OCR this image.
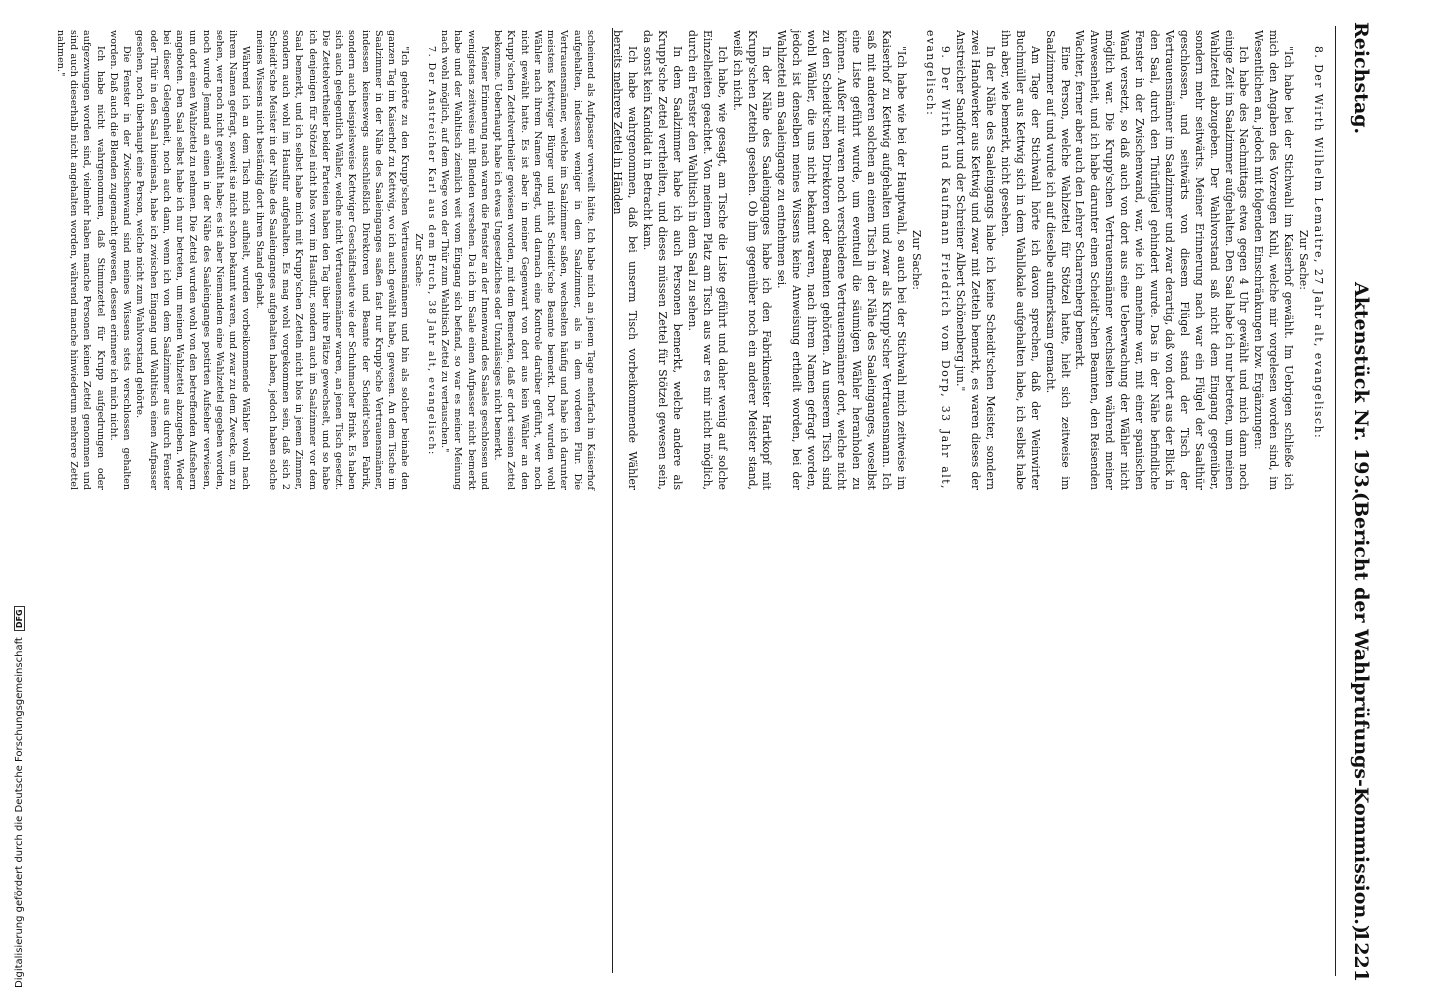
Reichstag.
Aktenstück Nr. 193.
(Bericht der Wahlprüfungs-Kommission.)
1221

8. Der Wirth Wilhelm Lemaitre, 27 Jahr alt, evangelisch:

Zur Sache:

"Ich habe bei der Stichwahl im Kaiserhof gewählt. Im Uebrigen schließe ich mich den Angaben des Vorzeugen Kuhl, welche mir vorgelesen worden sind, im Wesentlichen an, jedoch mit folgenden Einschränkungen bzw. Ergänzungen:

Ich habe des Nachmittags etwa gegen 4 Uhr gewählt und mich dann noch einige Zeit im Saalzimmer aufgehalten. Den Saal habe ich nur betreten, um meinen Wahlzettel abzugeben. Der Wahlvorstand saß nicht dem Eingang gegenüber, sondern mehr seitwärts. Meiner Erinnerung nach war ein Flügel der Saalthür geschlossen, und seitwärts von diesem Flügel stand der Tisch der Vertrauensmänner im Saalzimmer und zwar derartig, daß von dort aus der Blick in den Saal, durch den Thürflügel gehindert wurde. Das in der Nähe befindliche Fenster in der Zwischenwand, war, wie ich annehme war, mit einer spanischen Wand versetzt, so daß auch von dort aus eine Ueberwachung der Wähler nicht möglich war. Die Krupp'schen Vertrauensmänner wechselten während meiner Anwesenheit, und ich habe darunter einen Scheidt'schen Beamten, den Reisenden Wachter, ferner aber auch den Lehrer Scharrenberg bemerkt.

Eine Person, welche Wahlzettel für Stötzel hatte, hielt sich zeitweise im Saalzimmer auf und wurde ich auf dieselbe aufmerksam gemacht.

Am Tage der Stichwahl hörte ich davon sprechen, daß der Weinwirter Buchmüller aus Kettwig sich in dem Wahllokale aufgehalten habe, ich selbst habe ihn aber, wie bemerkt, nicht gesehen.

In der Nähe des Saaleingangs habe ich keine Scheidt'schen Meister, sondern zwei Handwerker aus Kettwig und zwar mit Zetteln bemerkt, es waren dieses der Anstreicher Sandfort und der Schreiner Albert Schönenberg jun."

9. Der Wirth und Kaufmann Friedrich vom Dorp, 33 Jahr alt, evangelisch:

Zur Sache:

"Ich habe wie bei der Hauptwahl, so auch bei der Stichwahl mich zeitweise im Kaiserhof zu Kettwig aufgehalten und zwar als Krupp'scher Vertrauensmann. Ich saß mit anderen solchen an einem Tisch in der Nähe des Saaleinganges, woselbst eine Liste geführt wurde, um eventuell die säumigen Wähler heranholen zu können. Außer mir waren noch verschiedene Vertrauensmänner dort, welche nicht zu den Scheidt'schen Direktoren oder Beamten gehörten. An unserem Tisch sind wohl Wähler, die uns nicht bekannt waren, nach ihrem Namen gefragt worden, jedoch ist denselben meines Wissens keine Anweisung ertheilt worden, bei der Wahlzettel am Saaleingange zu entnehmen sei.

In der Nähe des Saaleinganges habe ich den Fabrikmeister Hartkopf mit Krupp'schen Zetteln gesehen. Ob ihm gegenüber noch ein anderer Meister stand, weiß ich nicht.

Ich habe, wie gesagt, am Tische die Liste geführt und daher wenig auf solche Einzelheiten geachtet. Von meinem Platz am Tisch aus war es mir nicht möglich, durch ein Fenster den Wahltisch in dem Saal zu sehen.

In dem Saalzimmer habe ich auch Personen bemerkt, welche andere als Krupp'sche Zettel vertheilten, und dieses müssen Zettel für Stötzel gewesen sein, da sonst kein Kandidat in Betracht kam.

Ich habe wahrgenommen, daß bei unserm Tisch vorbeikommende Wähler bereits mehrere Zettel in Händen

scheinend als Aufpasser verweilt hätte. Ich habe mich an jenem Tage mehrfach im Kaiserhof aufgehalten, indessen weniger in dem Saalzimmer, als in dem vorderen Flur. Die Vertrauensmänner, welche im Saalzimmer saßen, wechselten häufig und habe ich darunter meistens Kettwiger Bürger und nicht Scheidt'sche Beamte bemerkt. Dort wurden wohl Wähler nach ihrem Namen gefragt, und darnach eine Kontrole darüber geführt, wer noch nicht gewählt hatte. Es ist aber in meiner Gegenwart von dort aus kein Wähler an den Krupp'schen Zettelvertheiler gewiesen worden, mit dem Bemerken, daß er dort seinen Zettel bekomme. Ueberhaupt habe ich etwas Ungesetzliches oder Unzulässiges nicht bemerkt.

Meiner Erinnerung nach waren die Fenster an der Innenwand des Saales geschlossen und wenigstens zeitweise mit Blenden versehen. Da ich im Saale einen Aufpasser nicht bemerkt habe und der Wahltisch ziemlich weit vom Eingang sich befand, so war es meiner Meinung nach wohl möglich, auf dem Wege von der Thür zum Wahltisch Zettel zu vertauschen."

7. Der Anstreicher Karl aus dem Bruch, 38 Jahr alt, evangelisch:

Zur Sache:

"Ich gehörte zu den Krupp'schen Vertrauensmännern und bin als solcher beinahe den ganzen Tag im Kaiserhof zu Kettwig, wo ich auch gewählt habe, gewesen. An dem Tische im Saalzimmer in der Nähe des Saaleinganges saßen fast nur Krupp'sche Vertrauensmänner, indessen keineswegs ausschließlich Direktoren und Beamte der Scheidt'schen Fabrik, sondern auch beispielsweise Kettwiger Geschäftsleute wie der Schuhmacher Brink. Es haben sich auch gelegentlich Wähler, welche nicht Vertrauensmänner waren, an jenen Tisch gesetzt. Die Zettelvertheiler beider Parteien haben den Tag über ihre Plätze gewechselt, und so habe ich denjenigen für Stötzel nicht blos vorn im Hausflur, sondern auch im Saalzimmer vor dem Saal bemerkt, und ich selbst habe mich mit Krupp'schen Zetteln nicht blos in jenem Zimmer, sondern auch wohl im Hausflur aufgehalten. Es mag wohl vorgekommen sein, daß sich 2 Scheidt'sche Meister in der Nähe des Saaleinganges aufgehalten haben, jedoch haben solche meines Wissens nicht beständig dort ihren Stand gehabt.

Während ich an dem Tisch mich aufhielt, wurden vorbeikommende Wähler wohl nach ihrem Namen gefragt, soweit sie nicht schon bekannt waren, und zwar zu dem Zwecke, um zu sehen, wer noch nicht gewählt habe; es ist aber Niemandem eine Wahlzettel gegeben worden, noch wurde Jemand an einen in der Nähe des Saaleinganges postirten Aufseher verwiesen, um dort einen Wahlzettel zu nehmen. Die Zettel wurden wohl von den betreffenden Aufsehern angeboten. Den Saal selbst habe ich nur betreten, um meinen Wahlzettel abzugeben. Weder bei dieser Gelegenheit, noch auch dann, wenn ich von dem Saalzimmer aus durch Fenster oder Thür in den Saal hineinsah, habe ich zwischen Eingang und Wahltisch einen Aufpasser gesehen, noch überhaupt eine Person, welche nicht zum Wahlvorstand gehörte.

Die Fenster in der Zwischenwand sind meines Wissens stets verschlossen gehalten worden. Daß auch die Blenden zugemacht gewesen, dessen erinnere ich mich nicht.

Ich habe nicht wahrgenommen, daß Stimmzettel für Krupp aufgedrungen oder aufgezwungen worden sind, vielmehr haben manche Personen keinen Zettel genommen und sind auch dieserhalb nicht angehalten worden, während manche hinwiederum mehrere Zettel nahmen."

Digitalisierung gefördert durch die Deutsche Forschungsgemeinschaft
DFG
